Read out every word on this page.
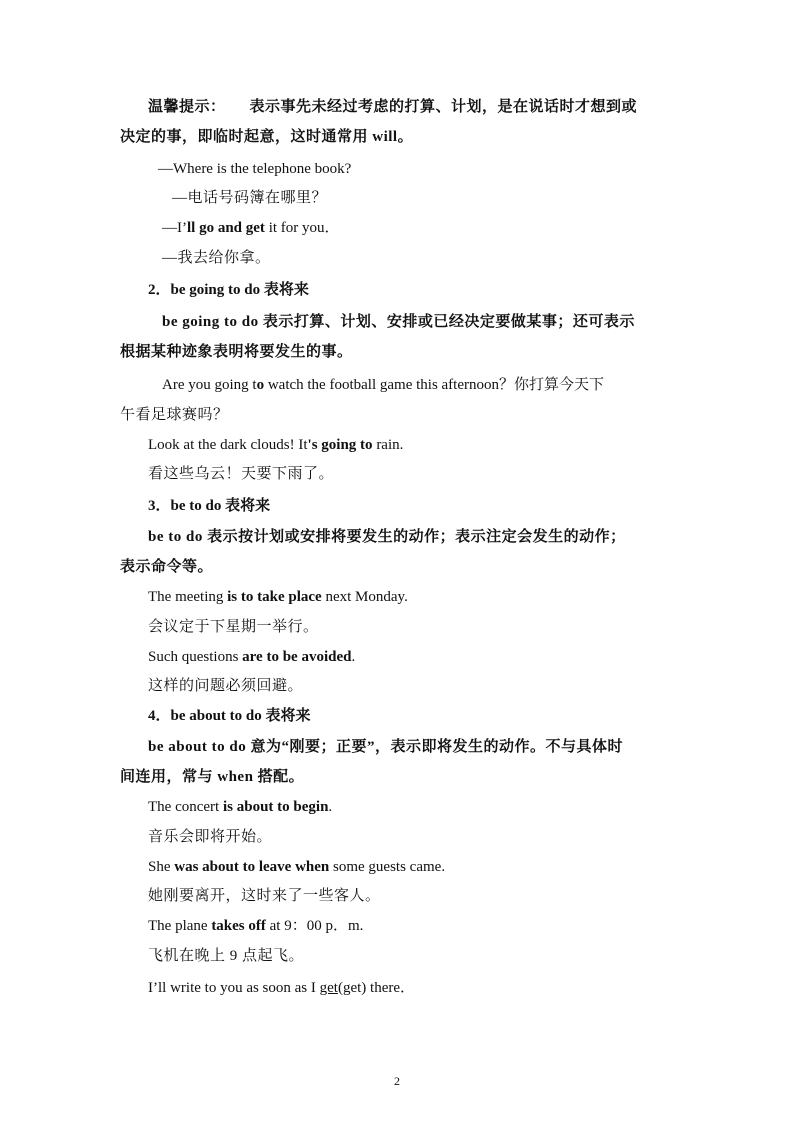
温馨提示： 表示事先未经过考虑的打算、计划，是在说话时才想到或
决定的事，即临时起意，这时通常用 will。
—Where is the telephone book?
—电话号码簿在哪里？
—I’ll go and get it for you．
—我去给你拿。
2．be going to do 表将来
be going to do 表示打算、计划、安排或已经决定要做某事；还可表示
根据某种迹象表明将要发生的事。
Are you going to watch the football game this afternoon？你打算今天下
午看足球赛吗？
Look at the dark clouds! It's going to rain.
看这些乌云！天要下雨了。
3．be to do 表将来
be to do 表示按计划或安排将要发生的动作；表示注定会发生的动作；
表示命令等。
The meeting is to take place next Monday.
会议定于下星期一举行。
Such questions are to be avoided.
这样的问题必须回避。
4．be about to do 表将来
be about to do 意为“刚要；正要”，表示即将发生的动作。不与具体时
间连用，常与 when 搭配。
The concert is about to begin.
音乐会即将开始。
She was about to leave when some guests came.
她刚要离开，这时来了一些客人。
The plane takes off at 9：00 p．m.
飞机在晚上 9 点起飞。
I’ll write to you as soon as I get(get) there．
2
